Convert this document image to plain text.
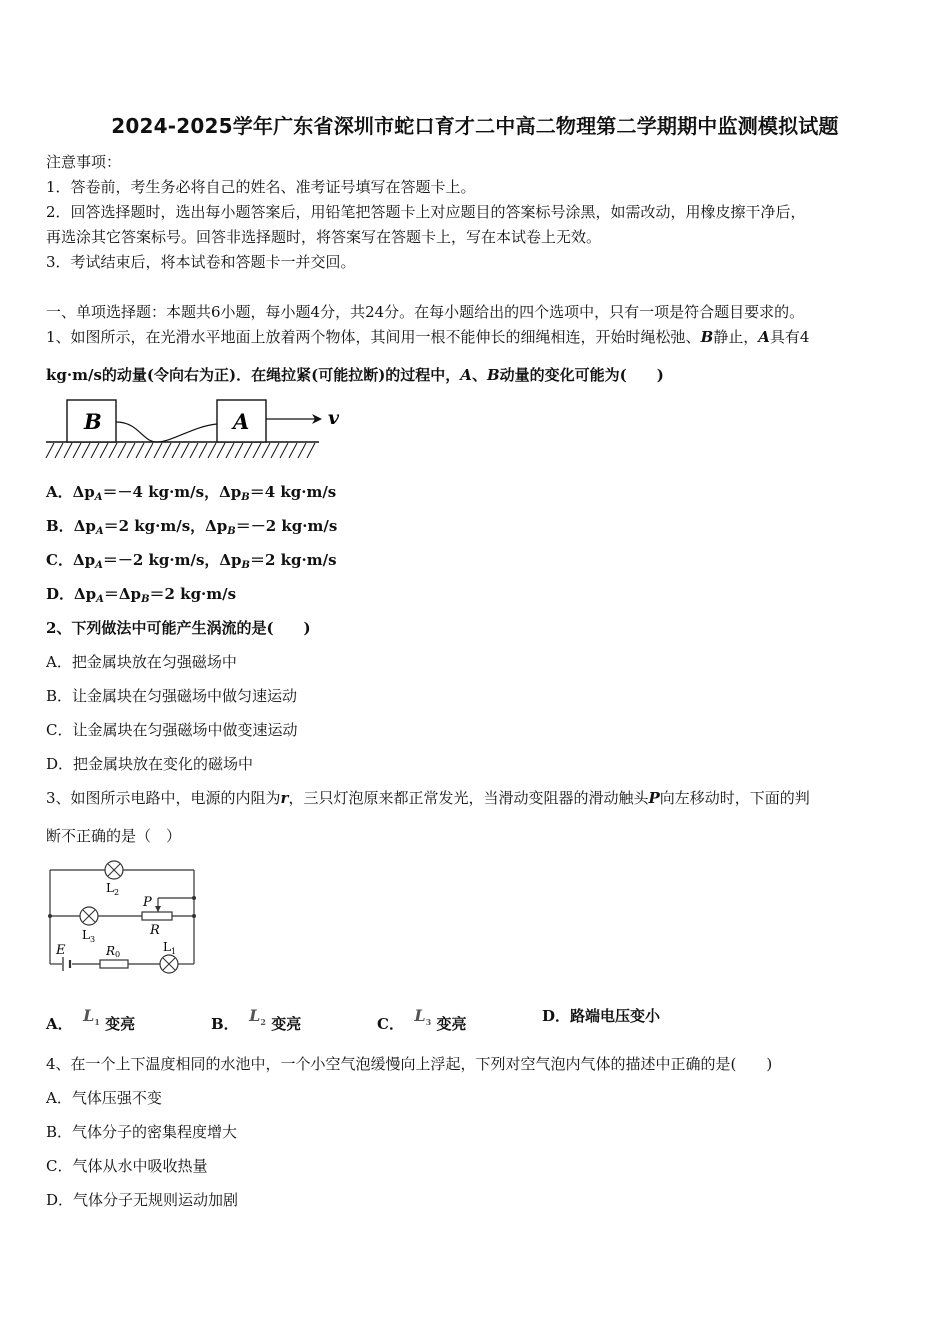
2024-2025学年广东省深圳市蛇口育才二中高二物理第二学期期中监测模拟试题
注意事项：
1．答卷前，考生务必将自己的姓名、准考证号填写在答题卡上。
2．回答选择题时，选出每小题答案后，用铅笔把答题卡上对应题目的答案标号涂黑，如需改动，用橡皮擦干净后，
再选涂其它答案标号。回答非选择题时，将答案写在答题卡上，写在本试卷上无效。
3．考试结束后，将本试卷和答题卡一并交回。
一、单项选择题：本题共6小题，每小题4分，共24分。在每小题给出的四个选项中，只有一项是符合题目要求的。
1、如图所示，在光滑水平地面上放着两个物体，其间用一根不能伸长的细绳相连，开始时绳松弛、B静止，A具有4
kg·m/s的动量(令向右为正)．在绳拉紧(可能拉断)的过程中，A、B动量的变化可能为(　　)
B	A	v
A．$\Delta p_A=-4$ kg·m/s，$\Delta p_B=4$ kg·m/s
B．$\Delta p_A=2$ kg·m/s，$\Delta p_B=-2$ kg·m/s
C．$\Delta p_A=-2$ kg·m/s，$\Delta p_B=2$ kg·m/s
D．$\Delta p_A=\Delta p_B=2$ kg·m/s
2、下列做法中可能产生涡流的是(　　)
A．把金属块放在匀强磁场中
B．让金属块在匀强磁场中做匀速运动
C．让金属块在匀强磁场中做变速运动
D．把金属块放在变化的磁场中
3、如图所示电路中，电源的内阻为r，三只灯泡原来都正常发光，当滑动变阻器的滑动触头P向左移动时，下面的判
断不正确的是（　）
$L_2$
$L_3$
P
R
E	R0
$L_1$
A． $L_1$ 变亮	B． $L_2$ 变亮	C． $L_3$ 变亮	D．路端电压变小
4、在一个上下温度相同的水池中，一个小空气泡缓慢向上浮起，下列对空气泡内气体的描述中正确的是(　　)
A．气体压强不变
B．气体分子的密集程度增大
C．气体从水中吸收热量
D．气体分子无规则运动加剧
